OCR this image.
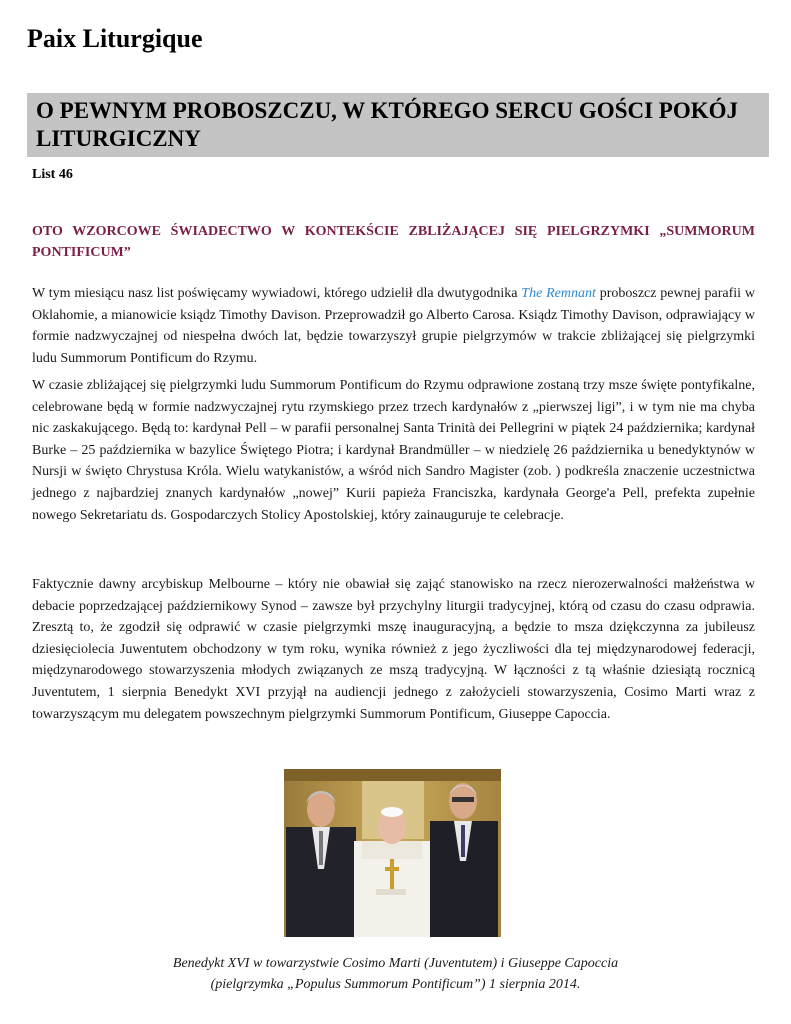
Paix Liturgique
O PEWNYM PROBOSZCZU, W KTÓREGO SERCU GOŚCI POKÓJ LITURGICZNY
List 46
OTO WZORCOWE ŚWIADECTWO W KONTEKŚCIE ZBLIŻAJĄCEJ SIĘ PIELGRZYMKI „SUMMORUM PONTIFICUM”

W tym miesiącu nasz list poświęcamy wywiadowi, którego udzielił dla dwutygodnika The Remnant proboszcz pewnej parafii w Oklahomie, a mianowicie ksiądz Timothy Davison. Przeprowadził go Alberto Carosa. Ksiądz Timothy Davison, odprawiający w formie nadzwyczajnej od niespełna dwóch lat, będzie towarzyszył grupie pielgrzymów w trakcie zbliżającej się pielgrzymki ludu Summorum Pontificum do Rzymu.

W czasie zbliżającej się pielgrzymki ludu Summorum Pontificum do Rzymu odprawione zostaną trzy msze święte pontyfikalne, celebrowane będą w formie nadzwyczajnej rytu rzymskiego przez trzech kardynałów z „pierwszej ligi”, i w tym nie ma chyba nic zaskakującego. Będą to: kardynał Pell – w parafii personalnej Santa Trinità dei Pellegrini w piątek 24 października; kardynał Burke – 25 października w bazylice Świętego Piotra; i kardynał Brandmüller – w niedzielę 26 października u benedyktynów w Nursji w święto Chrystusa Króla. Wielu watykanistów, a wśród nich Sandro Magister (zob. ) podkreśla znaczenie uczestnictwa jednego z najbardziej znanych kardynałów „nowej” Kurii papieża Franciszka, kardynała George'a Pell, prefekta zupełnie nowego Sekretariatu ds. Gospodarczych Stolicy Apostolskiej, który zainauguruje te celebracje.

Faktycznie dawny arcybiskup Melbourne – który nie obawiał się zająć stanowisko na rzecz nierozerwalności małżeństwa w debacie poprzedzającej październikowy Synod – zawsze był przychylny liturgii tradycyjnej, którą od czasu do czasu odprawia. Zresztą to, że zgodził się odprawić w czasie pielgrzymki mszę inauguracyjną, a będzie to msza dziękczynna za jubileusz dziesięciolecia Juwentutem obchodzony w tym roku, wynika również z jego życzliwości dla tej międzynarodowej federacji, międzynarodowego stowarzyszenia młodych związanych ze mszą tradycyjną. W łączności z tą właśnie dziesiątą rocznicą Juventutem, 1 sierpnia Benedykt XVI przyjął na audiencji jednego z założycieli stowarzyszenia, Cosimo Marti wraz z towarzyszącym mu delegatem powszechnym pielgrzymki Summorum Pontificum, Giuseppe Capoccia.

Benedykt XVI w towarzystwie Cosimo Marti (Juventutem) i Giuseppe Capoccia
(pielgrzymka „Populus Summorum Pontificum”) 1 sierpnia 2014.
